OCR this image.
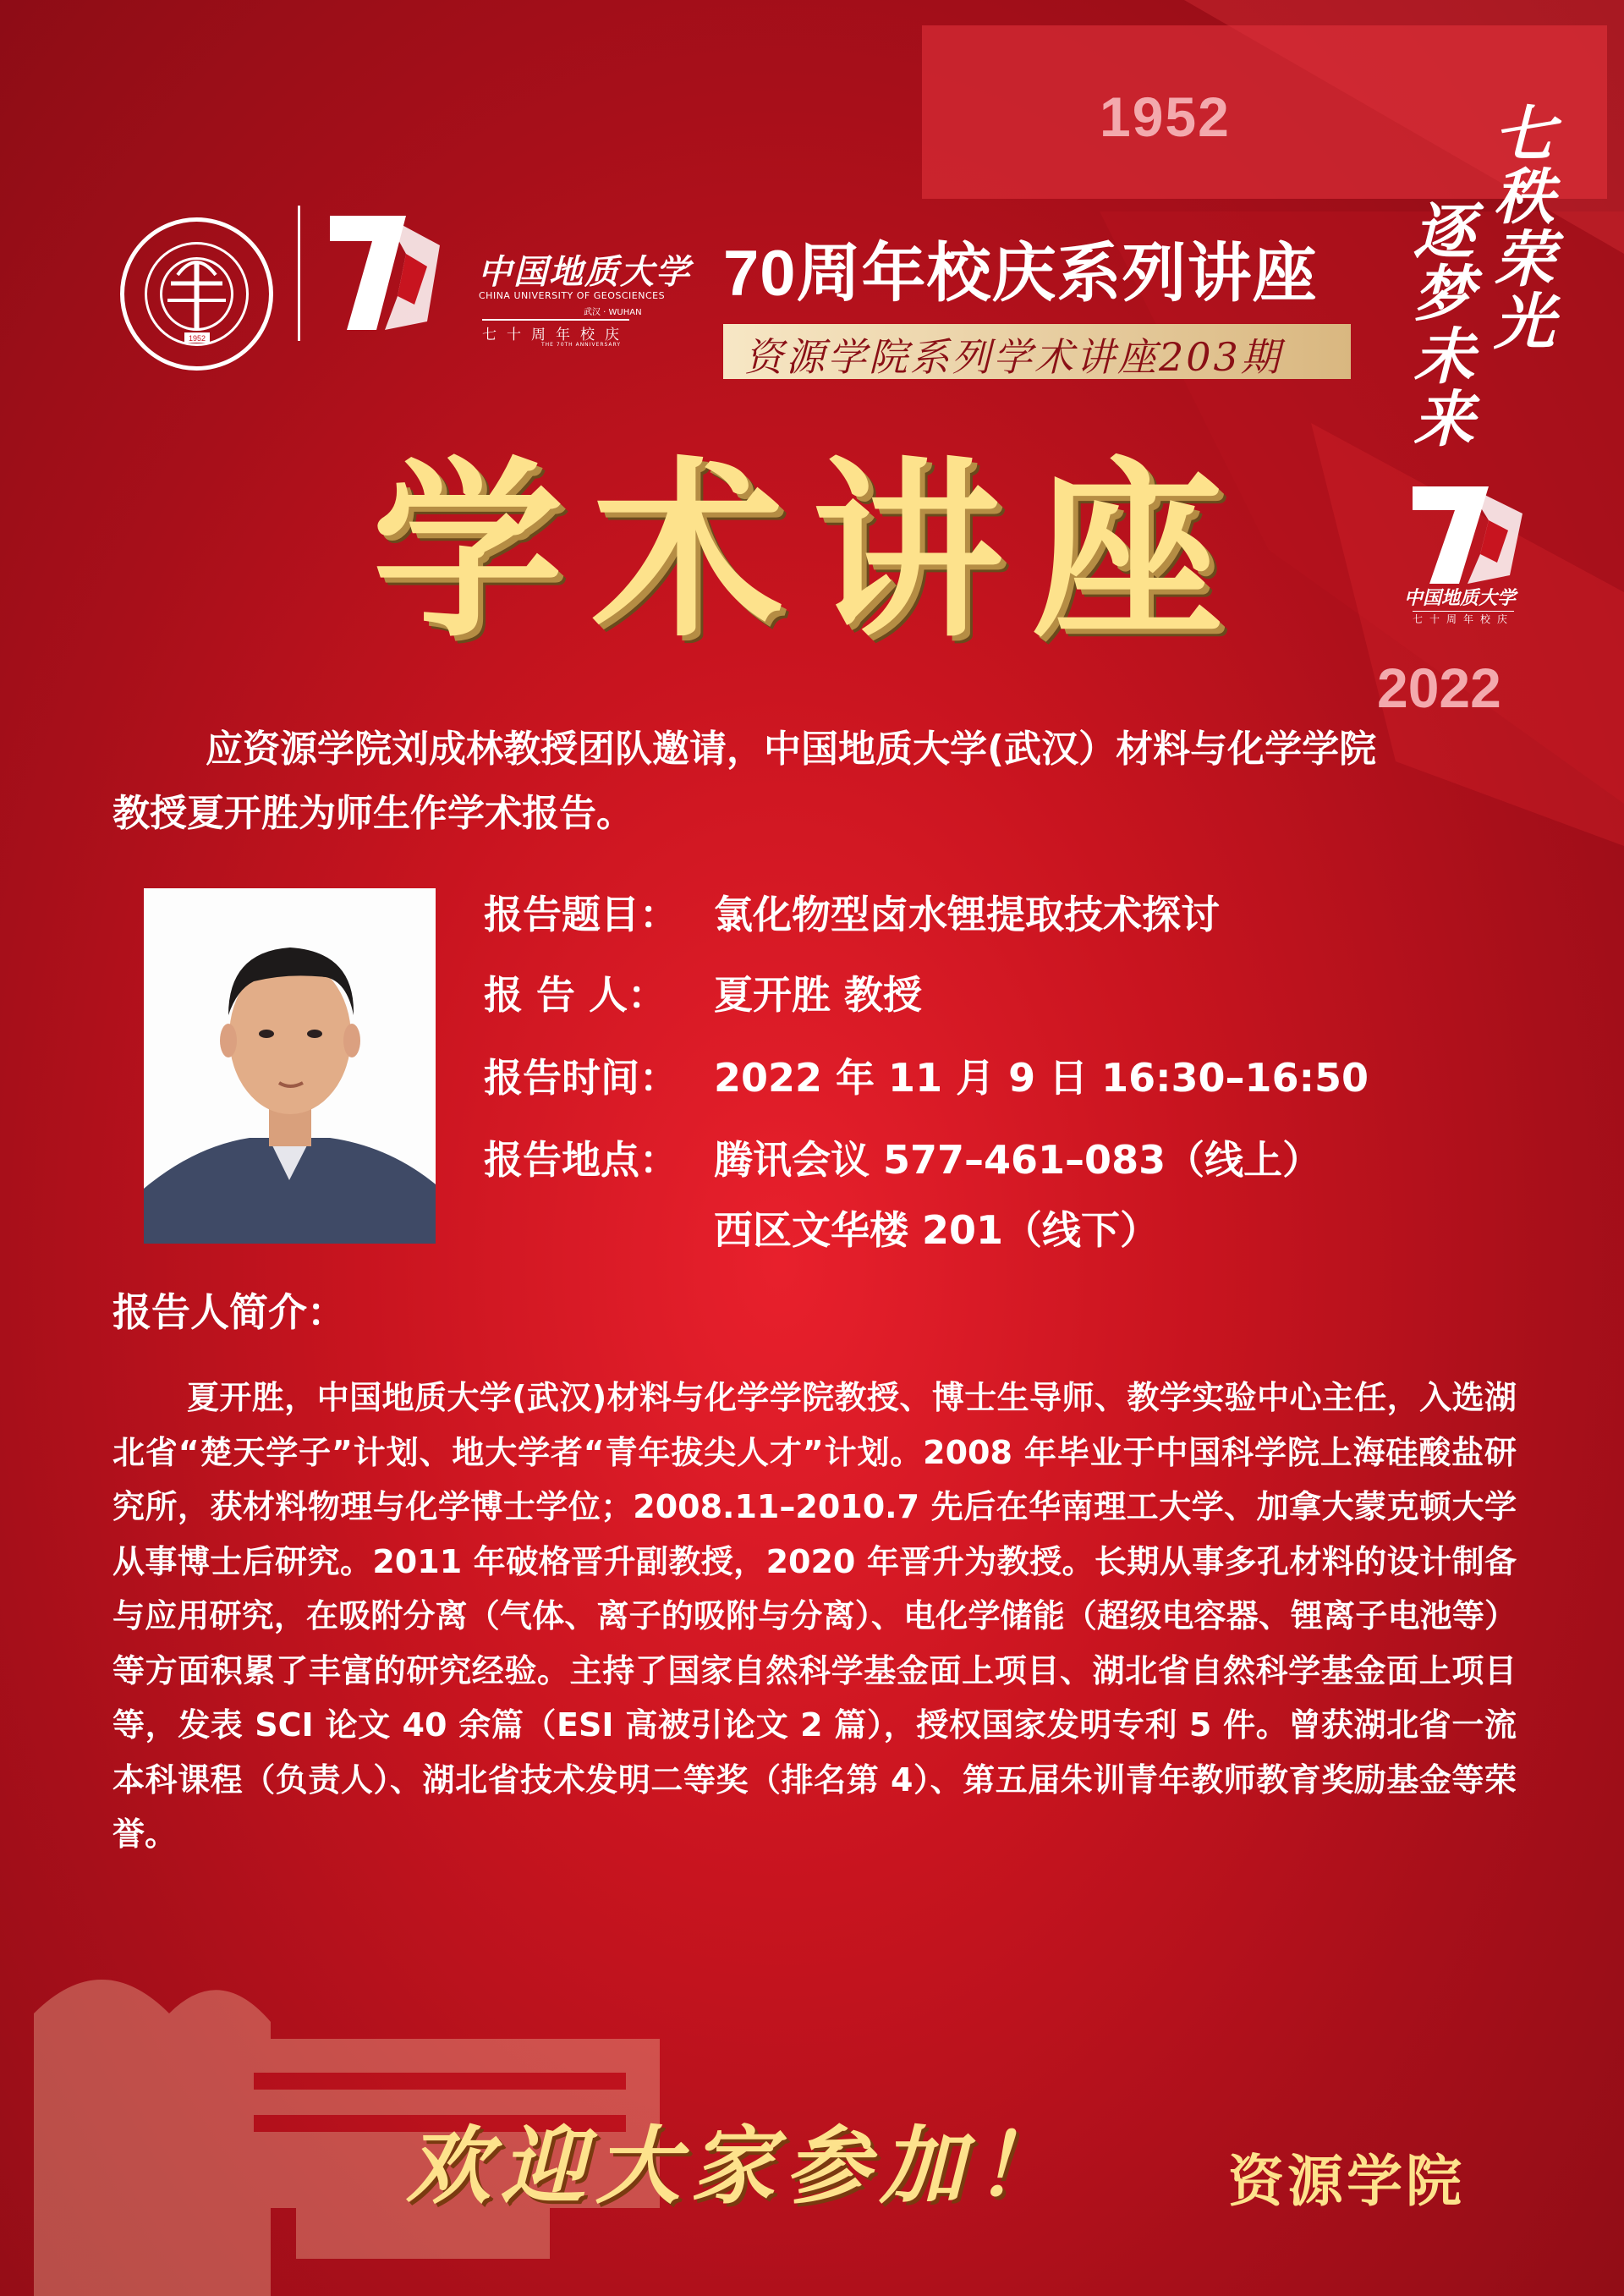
1952	七秩荣光
逐梦未来
1952
中国地质大学
CHINA UNIVERSITY OF GEOSCIENCES
武汉 · WUHAN
七十周年校庆
THE 70TH ANNIVERSARY
70周年校庆系列讲座
资源学院系列学术讲座203期
学术讲座	中国地质大学
七十周年校庆
2022
应资源学院刘成林教授团队邀请，中国地质大学(武汉）材料与化学学院教授夏开胜为师生作学术报告。
报告题目： 氯化物型卤水锂提取技术探讨
报 告 人： 夏开胜 教授
报告时间： 2022 年 11 月 9 日 16:30–16:50
报告地点： 腾讯会议 577–461–083（线上）
西区文华楼 201（线下）
报告人简介：
夏开胜，中国地质大学(武汉)材料与化学学院教授、博士生导师、教学实验中心主任，入选湖北省“楚天学子”计划、地大学者“青年拔尖人才”计划。2008 年毕业于中国科学院上海硅酸盐研究所，获材料物理与化学博士学位；2008.11–2010.7 先后在华南理工大学、加拿大蒙克顿大学从事博士后研究。2011 年破格晋升副教授，2020 年晋升为教授。长期从事多孔材料的设计制备与应用研究，在吸附分离（气体、离子的吸附与分离）、电化学储能（超级电容器、锂离子电池等）等方面积累了丰富的研究经验。主持了国家自然科学基金面上项目、湖北省自然科学基金面上项目等，发表 SCI 论文 40 余篇（ESI 高被引论文 2 篇），授权国家发明专利 5 件。曾获湖北省一流本科课程（负责人）、湖北省技术发明二等奖（排名第 4）、第五届朱训青年教师教育奖励基金等荣誉。
欢迎大家参加！	资源学院
